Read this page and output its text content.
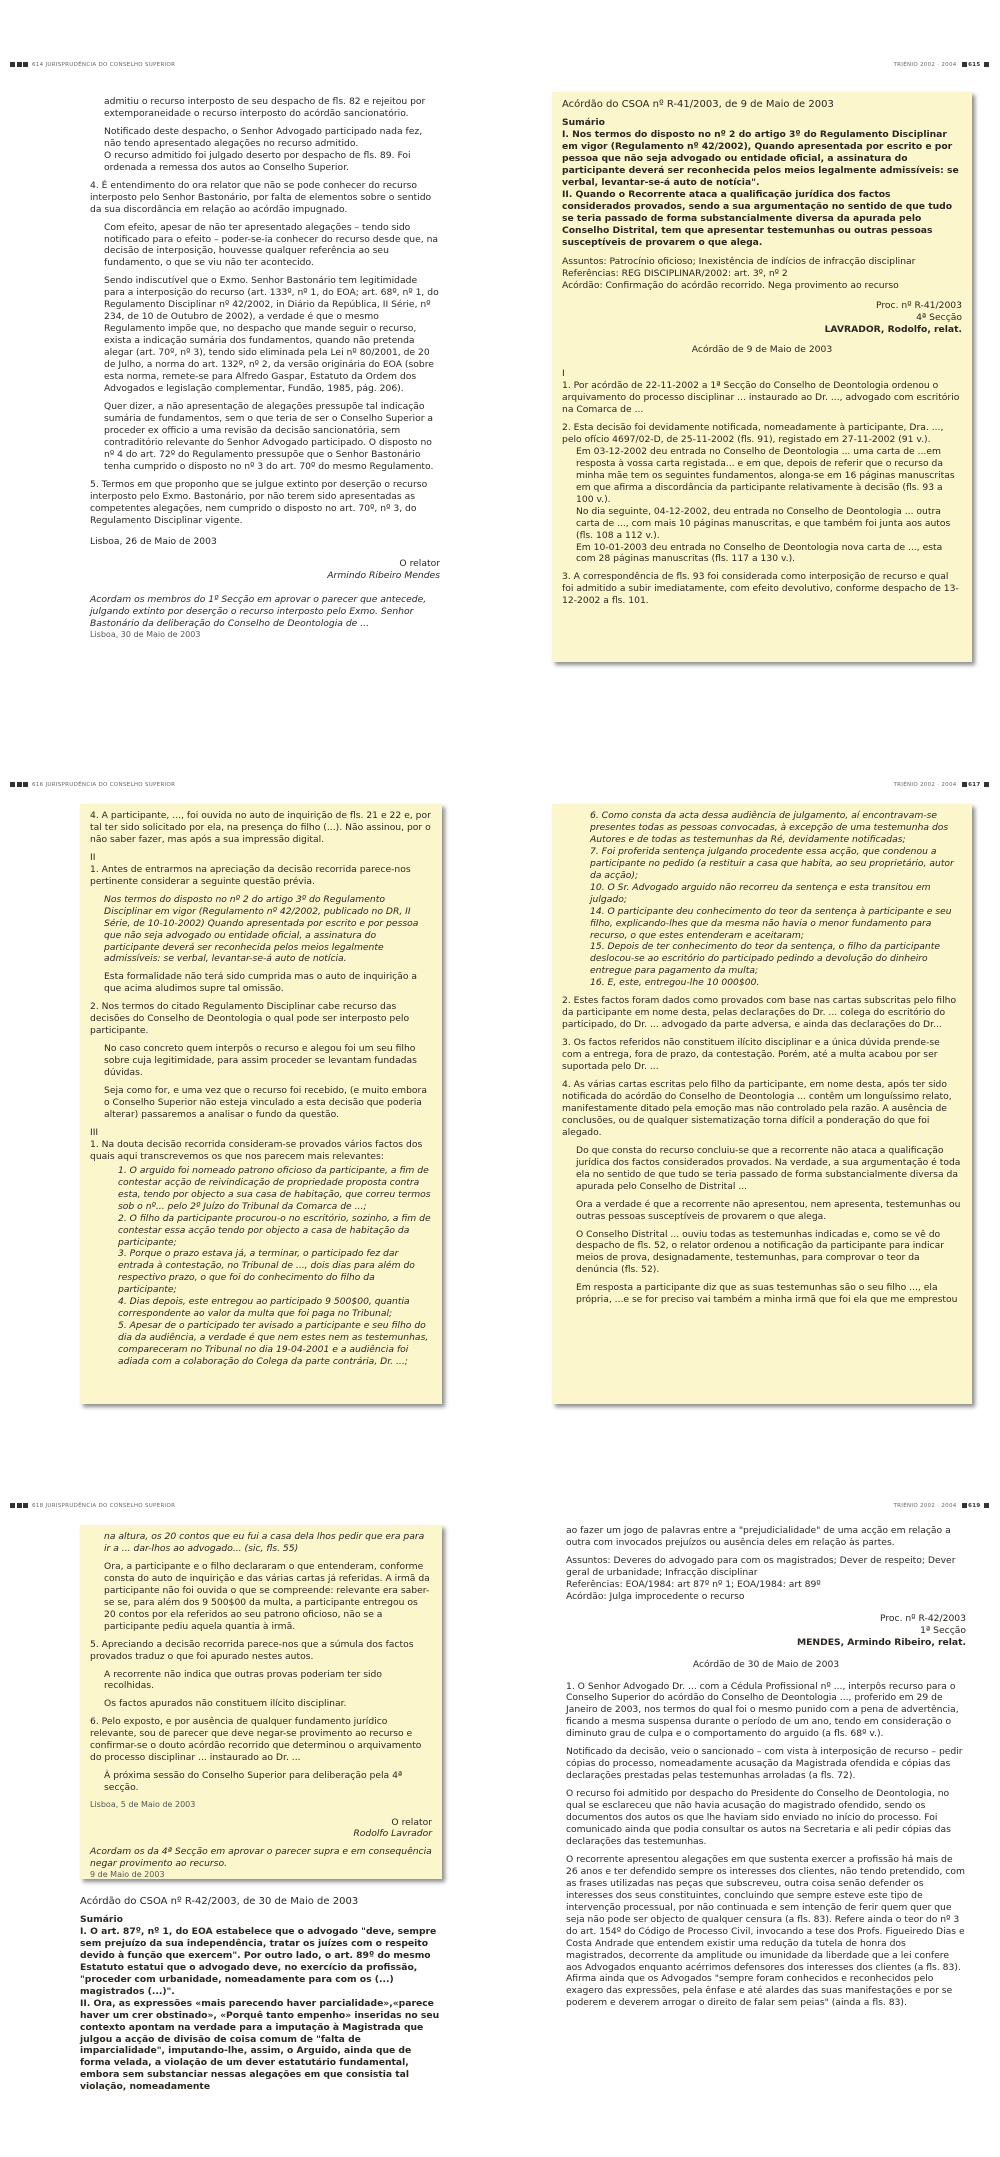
614 JURISPRUDÊNCIA DO CONSELHO SUPERIOR	TRIÉNIO 2002 · 2004 615

admitiu o recurso interposto de seu despacho de fls. 82 e rejeitou por extemporaneidade o recurso interposto do acórdão sancionatório.

Notificado deste despacho, o Senhor Advogado participado nada fez, não tendo apresentado alegações no recurso admitido.

O recurso admitido foi julgado deserto por despacho de fls. 89. Foi ordenada a remessa dos autos ao Conselho Superior.

4. É entendimento do ora relator que não se pode conhecer do recurso interposto pelo Senhor Bastonário, por falta de elementos sobre o sentido da sua discordância em relação ao acórdão impugnado.

Com efeito, apesar de não ter apresentado alegações – tendo sido notificado para o efeito – poder-se-ia conhecer do recurso desde que, na decisão de interposição, houvesse qualquer referência ao seu fundamento, o que se viu não ter acontecido.

Sendo indiscutível que o Exmo. Senhor Bastonário tem legitimidade para a interposição do recurso (art. 133º, nº 1, do EOA; art. 68º, nº 1, do Regulamento Disciplinar nº 42/2002, in Diário da República, II Série, nº 234, de 10 de Outubro de 2002), a verdade é que o mesmo Regulamento impõe que, no despacho que mande seguir o recurso, exista a indicação sumária dos fundamentos, quando não pretenda alegar (art. 70º, nº 3), tendo sido eliminada pela Lei nº 80/2001, de 20 de Julho, a norma do art. 132º, nº 2, da versão originária do EOA (sobre esta norma, remete-se para Alfredo Gaspar, Estatuto da Ordem dos Advogados e legislação complementar, Fundão, 1985, pág. 206).

Quer dizer, a não apresentação de alegações pressupõe tal indicação sumária de fundamentos, sem o que teria de ser o Conselho Superior a proceder ex officio a uma revisão da decisão sancionatória, sem contraditório relevante do Senhor Advogado participado. O disposto no nº 4 do art. 72º do Regulamento pressupõe que o Senhor Bastonário tenha cumprido o disposto no nº 3 do art. 70º do mesmo Regulamento.

5. Termos em que proponho que se julgue extinto por deserção o recurso interposto pelo Exmo. Bastonário, por não terem sido apresentadas as competentes alegações, nem cumprido o disposto no art. 70º, nº 3, do Regulamento Disciplinar vigente.

Lisboa, 26 de Maio de 2003

O relator

Armindo Ribeiro Mendes

Acordam os membros do 1º Secção em aprovar o parecer que antecede, julgando extinto por deserção o recurso interposto pelo Exmo. Senhor Bastonário da deliberação do Conselho de Deontologia de ...

Lisboa, 30 de Maio de 2003

Acórdão do CSOA nº R-41/2003, de 9 de Maio de 2003

Sumário

I. Nos termos do disposto no nº 2 do artigo 3º do Regulamento Disciplinar em vigor (Regulamento nº 42/2002), Quando apresentada por escrito e por pessoa que não seja advogado ou entidade oficial, a assinatura do participante deverá ser reconhecida pelos meios legalmente admissíveis: se verbal, levantar-se-á auto de notícia".

II. Quando o Recorrente ataca a qualificação jurídica dos factos considerados provados, sendo a sua argumentação no sentido de que tudo se teria passado de forma substancialmente diversa da apurada pelo Conselho Distrital, tem que apresentar testemunhas ou outras pessoas susceptíveis de provarem o que alega.

Assuntos: Patrocínio oficioso; Inexistência de indícios de infracção disciplinar

Referências: REG DISCIPLINAR/2002: art. 3º, nº 2

Acórdão: Confirmação do acórdão recorrido. Nega provimento ao recurso

Proc. nº R-41/2003

4ª Secção

LAVRADOR, Rodolfo, relat.

Acórdão de 9 de Maio de 2003

I

1. Por acórdão de 22-11-2002 a 1ª Secção do Conselho de Deontologia ordenou o arquivamento do processo disciplinar ... instaurado ao Dr. ..., advogado com escritório na Comarca de ...

2. Esta decisão foi devidamente notificada, nomeadamente à participante, Dra. ..., pelo ofício 4697/02-D, de 25-11-2002 (fls. 91), registado em 27-11-2002 (91 v.).

Em 03-12-2002 deu entrada no Conselho de Deontologia ... uma carta de ...em resposta à vossa carta registada... e em que, depois de referir que o recurso da minha mãe tem os seguintes fundamentos, alonga-se em 16 páginas manuscritas em que afirma a discordância da participante relativamente à decisão (fls. 93 a 100 v.).

No dia seguinte, 04-12-2002, deu entrada no Conselho de Deontologia ... outra carta de ..., com mais 10 páginas manuscritas, e que também foi junta aos autos (fls. 108 a 112 v.).

Em 10-01-2003 deu entrada no Conselho de Deontologia nova carta de ..., esta com 28 páginas manuscritas (fls. 117 a 130 v.).

3. A correspondência de fls. 93 foi considerada como interposição de recurso e qual foi admitido a subir imediatamente, com efeito devolutivo, conforme despacho de 13-12-2002 a fls. 101.

616 JURISPRUDÊNCIA DO CONSELHO SUPERIOR	TRIÉNIO 2002 · 2004 617

4. A participante, ..., foi ouvida no auto de inquirição de fls. 21 e 22 e, por tal ter sido solicitado por ela, na presença do filho (...). Não assinou, por o não saber fazer, mas após a sua impressão digital.

II

1. Antes de entrarmos na apreciação da decisão recorrida parece-nos pertinente considerar a seguinte questão prévia.

Nos termos do disposto no nº 2 do artigo 3º do Regulamento Disciplinar em vigor (Regulamento nº 42/2002, publicado no DR, II Série, de 10-10-2002) Quando apresentada por escrito e por pessoa que não seja advogado ou entidade oficial, a assinatura do participante deverá ser reconhecida pelos meios legalmente admissíveis: se verbal, levantar-se-á auto de notícia.

Esta formalidade não terá sido cumprida mas o auto de inquirição a que acima aludimos supre tal omissão.

2. Nos termos do citado Regulamento Disciplinar cabe recurso das decisões do Conselho de Deontologia o qual pode ser interposto pelo participante.

No caso concreto quem interpôs o recurso e alegou foi um seu filho sobre cuja legitimidade, para assim proceder se levantam fundadas dúvidas.

Seja como for, e uma vez que o recurso foi recebido, (e muito embora o Conselho Superior não esteja vinculado a esta decisão que poderia alterar) passaremos a analisar o fundo da questão.

III

1. Na douta decisão recorrida consideram-se provados vários factos dos quais aqui transcrevemos os que nos parecem mais relevantes:

1. O arguido foi nomeado patrono oficioso da participante, a fim de contestar acção de reivindicação de propriedade proposta contra esta, tendo por objecto a sua casa de habitação, que correu termos sob o nº... pelo 2º Juízo do Tribunal da Comarca de ...;

2. O filho da participante procurou-o no escritório, sozinho, a fim de contestar essa acção tendo por objecto a casa de habitação da participante;

3. Porque o prazo estava já, a terminar, o participado fez dar entrada à contestação, no Tribunal de ..., dois dias para além do respectivo prazo, o que foi do conhecimento do filho da participante;

4. Dias depois, este entregou ao participado 9 500$00, quantia correspondente ao valor da multa que foi paga no Tribunal;

5. Apesar de o participado ter avisado a participante e seu filho do dia da audiência, a verdade é que nem estes nem as testemunhas, compareceram no Tribunal no dia 19-04-2001 e a audiência foi adiada com a colaboração do Colega da parte contrária, Dr. ...;

6. Como consta da acta dessa audiência de julgamento, aí encontravam-se presentes todas as pessoas convocadas, à excepção de uma testemunha dos Autores e de todas as testemunhas da Ré, devidamente notificadas;

7. Foi proferida sentença julgando procedente essa acção, que condenou a participante no pedido (a restituir a casa que habita, ao seu proprietário, autor da acção);

10. O Sr. Advogado arguido não recorreu da sentença e esta transitou em julgado;

14. O participante deu conhecimento do teor da sentença à participante e seu filho, explicando-lhes que da mesma não havia o menor fundamento para recurso, o que estes entenderam e aceitaram;

15. Depois de ter conhecimento do teor da sentença, o filho da participante deslocou-se ao escritório do participado pedindo a devolução do dinheiro entregue para pagamento da multa;

16. E, este, entregou-lhe 10 000$00.

2. Estes factos foram dados como provados com base nas cartas subscritas pelo filho da participante em nome desta, pelas declarações do Dr. ... colega do escritório do participado, do Dr. ... advogado da parte adversa, e ainda das declarações do Dr...

3. Os factos referidos não constituem ilícito disciplinar e a única dúvida prende-se com a entrega, fora de prazo, da contestação. Porém, até a multa acabou por ser suportada pelo Dr. ...

4. As várias cartas escritas pelo filho da participante, em nome desta, após ter sido notificada do acórdão do Conselho de Deontologia ... contêm um longuíssimo relato, manifestamente ditado pela emoção mas não controlado pela razão. A ausência de conclusões, ou de qualquer sistematização torna difícil a ponderação do que foi alegado.

Do que consta do recurso concluiu-se que a recorrente não ataca a qualificação jurídica dos factos considerados provados. Na verdade, a sua argumentação é toda ela no sentido de que tudo se teria passado de forma substancialmente diversa da apurada pelo Conselho de Distrital ...

Ora a verdade é que a recorrente não apresentou, nem apresenta, testemunhas ou outras pessoas susceptíveis de provarem o que alega.

O Conselho Distrital ... ouviu todas as testemunhas indicadas e, como se vê do despacho de fls. 52, o relator ordenou a notificação da participante para indicar meios de prova, designadamente, testemunhas, para comprovar o teor da denúncia (fls. 52).

Em resposta a participante diz que as suas testemunhas são o seu filho ..., ela própria, ...e se for preciso vai também a minha irmã que foi ela que me emprestou

618 JURISPRUDÊNCIA DO CONSELHO SUPERIOR	TRIÉNIO 2002 · 2004 619

na altura, os 20 contos que eu fui a casa dela lhos pedir que era para ir a ... dar-lhos ao advogado... (sic, fls. 55)

Ora, a participante e o filho declararam o que entenderam, conforme consta do auto de inquirição e das várias cartas já referidas. A irmã da participante não foi ouvida o que se compreende: relevante era saber-se se, para além dos 9 500$00 da multa, a participante entregou os 20 contos por ela referidos ao seu patrono oficioso, não se a participante pediu aquela quantia à irmã.

5. Apreciando a decisão recorrida parece-nos que a súmula dos factos provados traduz o que foi apurado nestes autos.

A recorrente não indica que outras provas poderiam ter sido recolhidas.

Os factos apurados não constituem ilícito disciplinar.

6. Pelo exposto, e por ausência de qualquer fundamento jurídico relevante, sou de parecer que deve negar-se provimento ao recurso e confirmar-se o douto acórdão recorrido que determinou o arquivamento do processo disciplinar ... instaurado ao Dr. ...

À próxima sessão do Conselho Superior para deliberação pela 4ª secção.

Lisboa, 5 de Maio de 2003

O relator

Rodolfo Lavrador

Acordam os da 4ª Secção em aprovar o parecer supra e em consequência negar provimento ao recurso.

9 de Maio de 2003

Acórdão do CSOA nº R-42/2003, de 30 de Maio de 2003

Sumário

I. O art. 87º, nº 1, do EOA estabelece que o advogado "deve, sempre sem prejuízo da sua independência, tratar os juízes com o respeito devido à função que exercem". Por outro lado, o art. 89º do mesmo Estatuto estatui que o advogado deve, no exercício da profissão, "proceder com urbanidade, nomeadamente para com os (...) magistrados (...)".

II. Ora, as expressões «mais parecendo haver parcialidade»,«parece haver um crer obstinado», «Porquê tanto empenho» inseridas no seu contexto apontam na verdade para a imputação à Magistrada que julgou a acção de divisão de coisa comum de "falta de imparcialidade", imputando-lhe, assim, o Arguido, ainda que de forma velada, a violação de um dever estatutário fundamental, embora sem substanciar nessas alegações em que consistia tal violação, nomeadamente

ao fazer um jogo de palavras entre a "prejudicialidade" de uma acção em relação a outra com invocados prejuízos ou ausência deles em relação às partes.

Assuntos: Deveres do advogado para com os magistrados; Dever de respeito; Dever geral de urbanidade; Infracção disciplinar

Referências: EOA/1984: art 87º nº 1; EOA/1984: art 89º

Acórdão: Julga improcedente o recurso

Proc. nº R-42/2003

1ª Secção

MENDES, Armindo Ribeiro, relat.

Acórdão de 30 de Maio de 2003

1. O Senhor Advogado Dr. ... com a Cédula Profissional nº ..., interpôs recurso para o Conselho Superior do acórdão do Conselho de Deontologia ..., proferido em 29 de Janeiro de 2003, nos termos do qual foi o mesmo punido com a pena de advertência, ficando a mesma suspensa durante o período de um ano, tendo em consideração o diminuto grau de culpa e o comportamento do arguido (a fls. 68º v.).

Notificado da decisão, veio o sancionado – com vista à interposição de recurso – pedir cópias do processo, nomeadamente acusação da Magistrada ofendida e cópias das declarações prestadas pelas testemunhas arroladas (a fls. 72).

O recurso foi admitido por despacho do Presidente do Conselho de Deontologia, no qual se esclareceu que não havia acusação do magistrado ofendido, sendo os documentos dos autos os que lhe haviam sido enviado no início do processo. Foi comunicado ainda que podia consultar os autos na Secretaria e ali pedir cópias das declarações das testemunhas.

O recorrente apresentou alegações em que sustenta exercer a profissão há mais de 26 anos e ter defendido sempre os interesses dos clientes, não tendo pretendido, com as frases utilizadas nas peças que subscreveu, outra coisa senão defender os interesses dos seus constituintes, concluindo que sempre esteve este tipo de intervenção processual, por não continuada e sem intenção de ferir quem quer que seja não pode ser objecto de qualquer censura (a fls. 83). Refere ainda o teor do nº 3 do art. 154º do Código de Processo Civil, invocando a tese dos Profs. Figueiredo Dias e Costa Andrade que entendem existir uma redução da tutela de honra dos magistrados, decorrente da amplitude ou imunidade da liberdade que a lei confere aos Advogados enquanto acérrimos defensores dos interesses dos clientes (a fls. 83). Afirma ainda que os Advogados "sempre foram conhecidos e reconhecidos pelo exagero das expressões, pela ênfase e até alardes das suas manifestações e por se poderem e deverem arrogar o direito de falar sem peias" (ainda a fls. 83).
